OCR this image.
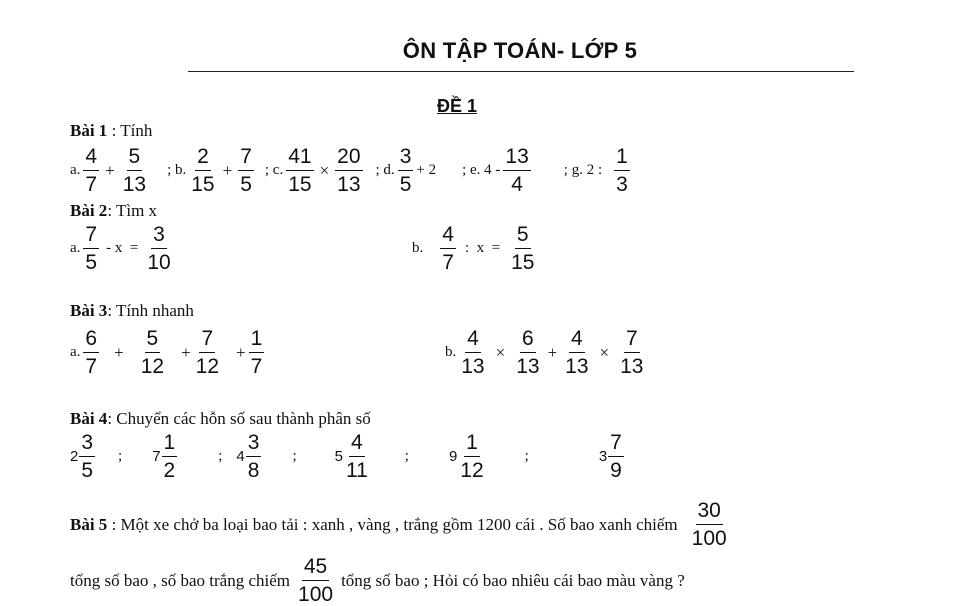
ÔN TẬP TOÁN- LỚP 5
ĐỀ 1
Bài 1 : Tính
a. $\frac{4}{7} + \frac{5}{13}$ ; b. $\frac{2}{15} + \frac{7}{5}$ ; c. $\frac{41}{15} \times \frac{20}{13}$ ; d. $\frac{3}{5} + 2$ ; e. $4 - \frac{13}{4}$ ; g. 2 : $\frac{1}{3}$
Bài 2: Tìm x
a. $\frac{7}{5} - x = \frac{3}{10}$	b. $\frac{4}{7}$ :  $x = \frac{5}{15}$
Bài 3: Tính nhanh
a. $\frac{6}{7} + \frac{5}{12} + \frac{7}{12} + \frac{1}{7}$	b. $\frac{4}{13} \times \frac{6}{13} + \frac{4}{13} \times \frac{7}{13}$
Bài 4: Chuyển các hỗn số sau thành phân số
$2 \frac{3}{5}$ ; $7 \frac{1}{2}$	; $4 \frac{3}{8}$ ;	$5 \frac{4}{11}$ ;	$9 \frac{1}{12}$	;	$3 \frac{7}{9}$
Bài 5 : Một xe chở ba loại bao tải : xanh , vàng , trắng gồm 1200 cái . Số bao xanh chiếm $\frac{30}{100}$
tổng số bao , số bao trắng chiếm $\frac{45}{100}$ tổng số bao ; Hỏi có bao nhiêu cái bao màu vàng ?
